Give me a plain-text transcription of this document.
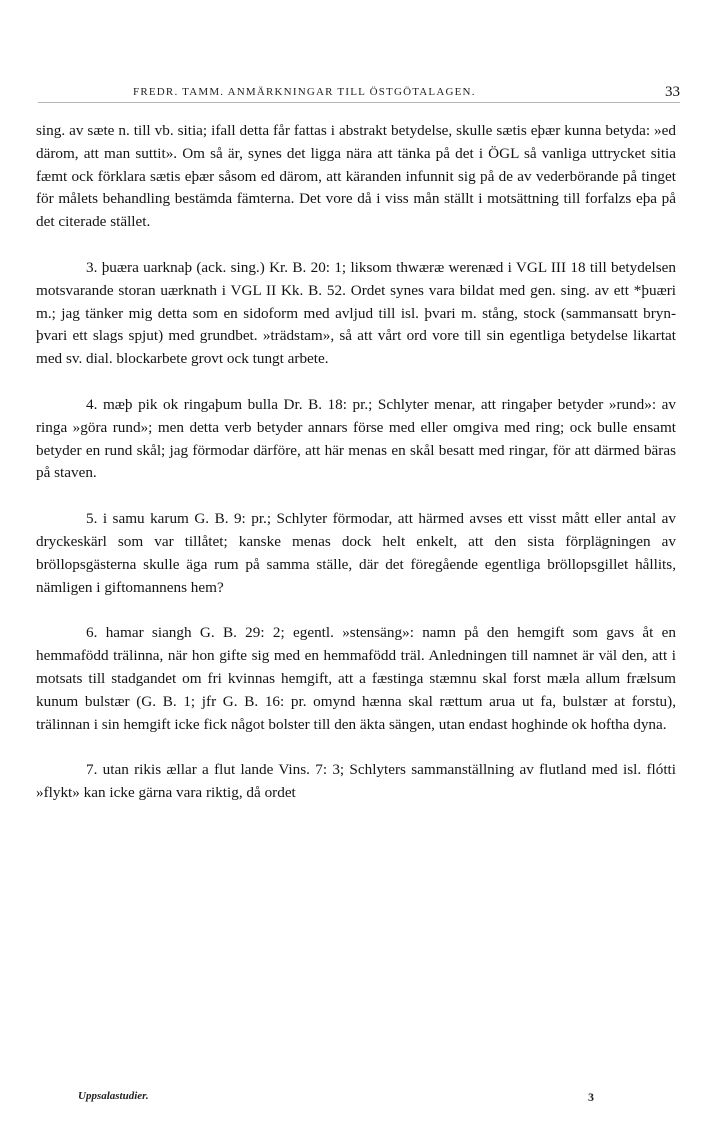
FREDR. TAMM. ANMÄRKNINGAR TILL ÖSTGÖTALAGEN.	33

sing. av sæte n. till vb. sitia; ifall detta får fattas i abstrakt betydelse, skulle sætis eþær kunna betyda: »ed därom, att man suttit». Om så är, synes det ligga nära att tänka på det i ÖGL så vanliga uttrycket sitia fæmt ock förklara sætis eþær såsom ed därom, att käranden infunnit sig på de av vederbörande på tinget för målets behandling bestämda fämterna. Det vore då i viss mån ställt i motsättning till forfalzs eþa på det citerade stället.

3. þuæra uarknaþ (ack. sing.) Kr. B. 20: 1; liksom thwæræ werenæd i VGL III 18 till betydelsen motsvarande storan uærknath i VGL II Kk. B. 52. Ordet synes vara bildat med gen. sing. av ett *þuæri m.; jag tänker mig detta som en sidoform med avljud till isl. þvari m. stång, stock (sammansatt bryn-þvari ett slags spjut) med grundbet. »trädstam», så att vårt ord vore till sin egentliga betydelse likartat med sv. dial. blockarbete grovt ock tungt arbete.

4. mæþ pik ok ringaþum bulla Dr. B. 18: pr.; Schlyter menar, att ringaþer betyder »rund»: av ringa »göra rund»; men detta verb betyder annars förse med eller omgiva med ring; ock bulle ensamt betyder en rund skål; jag förmodar därföre, att här menas en skål besatt med ringar, för att därmed bäras på staven.

5. i samu karum G. B. 9: pr.; Schlyter förmodar, att härmed avses ett visst mått eller antal av dryckeskärl som var tillåtet; kanske menas dock helt enkelt, att den sista förplägningen av bröllopsgästerna skulle äga rum på samma ställe, där det föregående egentliga bröllopsgillet hållits, nämligen i giftomannens hem?

6. hamar siangh G. B. 29: 2; egentl. »stensäng»: namn på den hemgift som gavs åt en hemmafödd trälinna, när hon gifte sig med en hemmafödd träl. Anledningen till namnet är väl den, att i motsats till stadgandet om fri kvinnas hemgift, att a fæstinga stæmnu skal forst mæla allum frælsum kunum bulstær (G. B. 1; jfr G. B. 16: pr. omynd hænna skal rættum arua ut fa, bulstær at forstu), trälinnan i sin hemgift icke fick något bolster till den äkta sängen, utan endast hoghinde ok hoftha dyna.

7. utan rikis ællar a flut lande Vins. 7: 3; Schlyters sammanställning av flutland med isl. flótti »flykt» kan icke gärna vara riktig, då ordet

Uppsalastudier.	3
